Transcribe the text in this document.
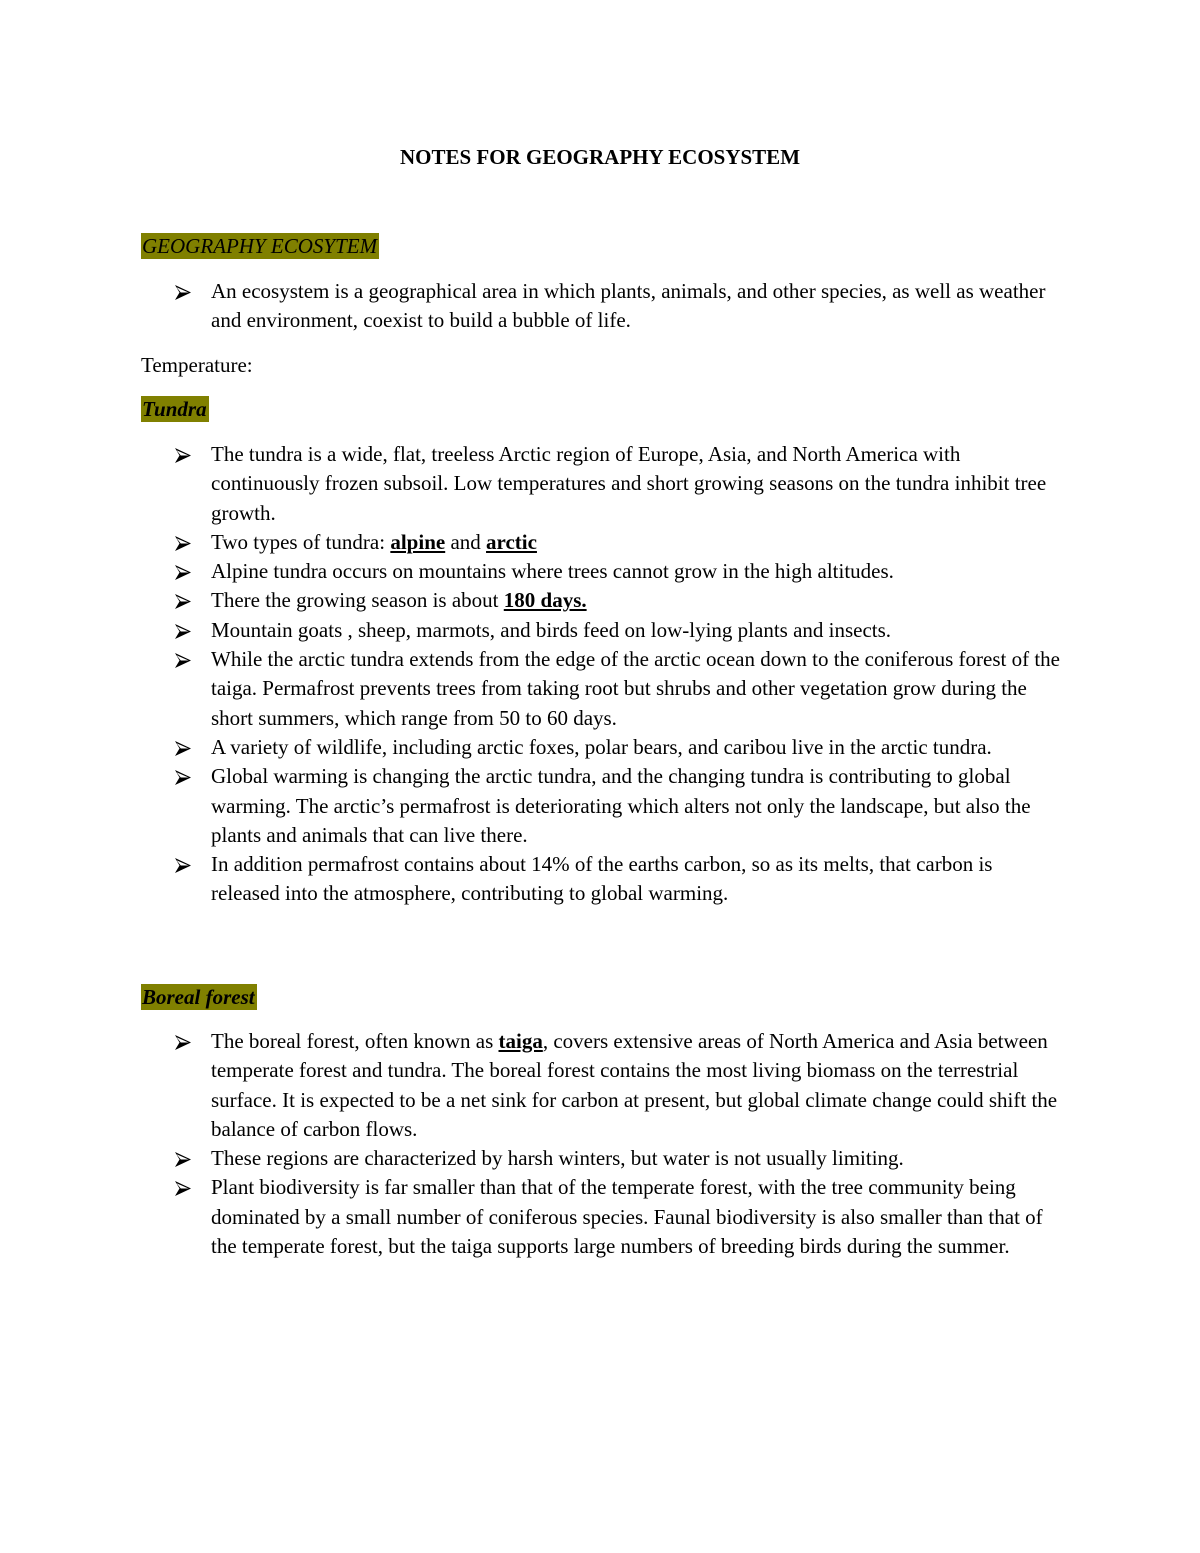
NOTES FOR GEOGRAPHY ECOSYSTEM
GEOGRAPHY ECOSYTEM
An ecosystem is a geographical area in which plants, animals, and other species, as well as weather and environment, coexist to build a bubble of life.
Temperature:
Tundra
The tundra is a wide, flat, treeless Arctic region of Europe, Asia, and North America with continuously frozen subsoil. Low temperatures and short growing seasons on the tundra inhibit tree growth.
Two types of tundra: alpine and arctic
Alpine tundra occurs on mountains where trees cannot grow in the high altitudes.
There the growing season is about 180 days.
Mountain goats , sheep, marmots, and birds feed on low-lying plants and insects.
While the arctic tundra extends from the edge of the arctic ocean down to the coniferous forest of the taiga. Permafrost prevents trees from taking root but shrubs and other vegetation grow during the short summers, which range from 50 to 60 days.
A variety of wildlife, including arctic foxes, polar bears, and caribou live in the arctic tundra.
Global warming is changing the arctic tundra, and the changing tundra is contributing to global warming. The arctic’s permafrost is deteriorating which alters not only the landscape, but also the plants and animals that can live there.
In addition permafrost contains about 14% of the earths carbon, so as its melts, that carbon is released into the atmosphere, contributing to global warming.
Boreal forest
The boreal forest, often known as taiga, covers extensive areas of North America and Asia between temperate forest and tundra. The boreal forest contains the most living biomass on the terrestrial surface. It is expected to be a net sink for carbon at present, but global climate change could shift the balance of carbon flows.
These regions are characterized by harsh winters, but water is not usually limiting.
Plant biodiversity is far smaller than that of the temperate forest, with the tree community being dominated by a small number of coniferous species. Faunal biodiversity is also smaller than that of the temperate forest, but the taiga supports large numbers of breeding birds during the summer.
